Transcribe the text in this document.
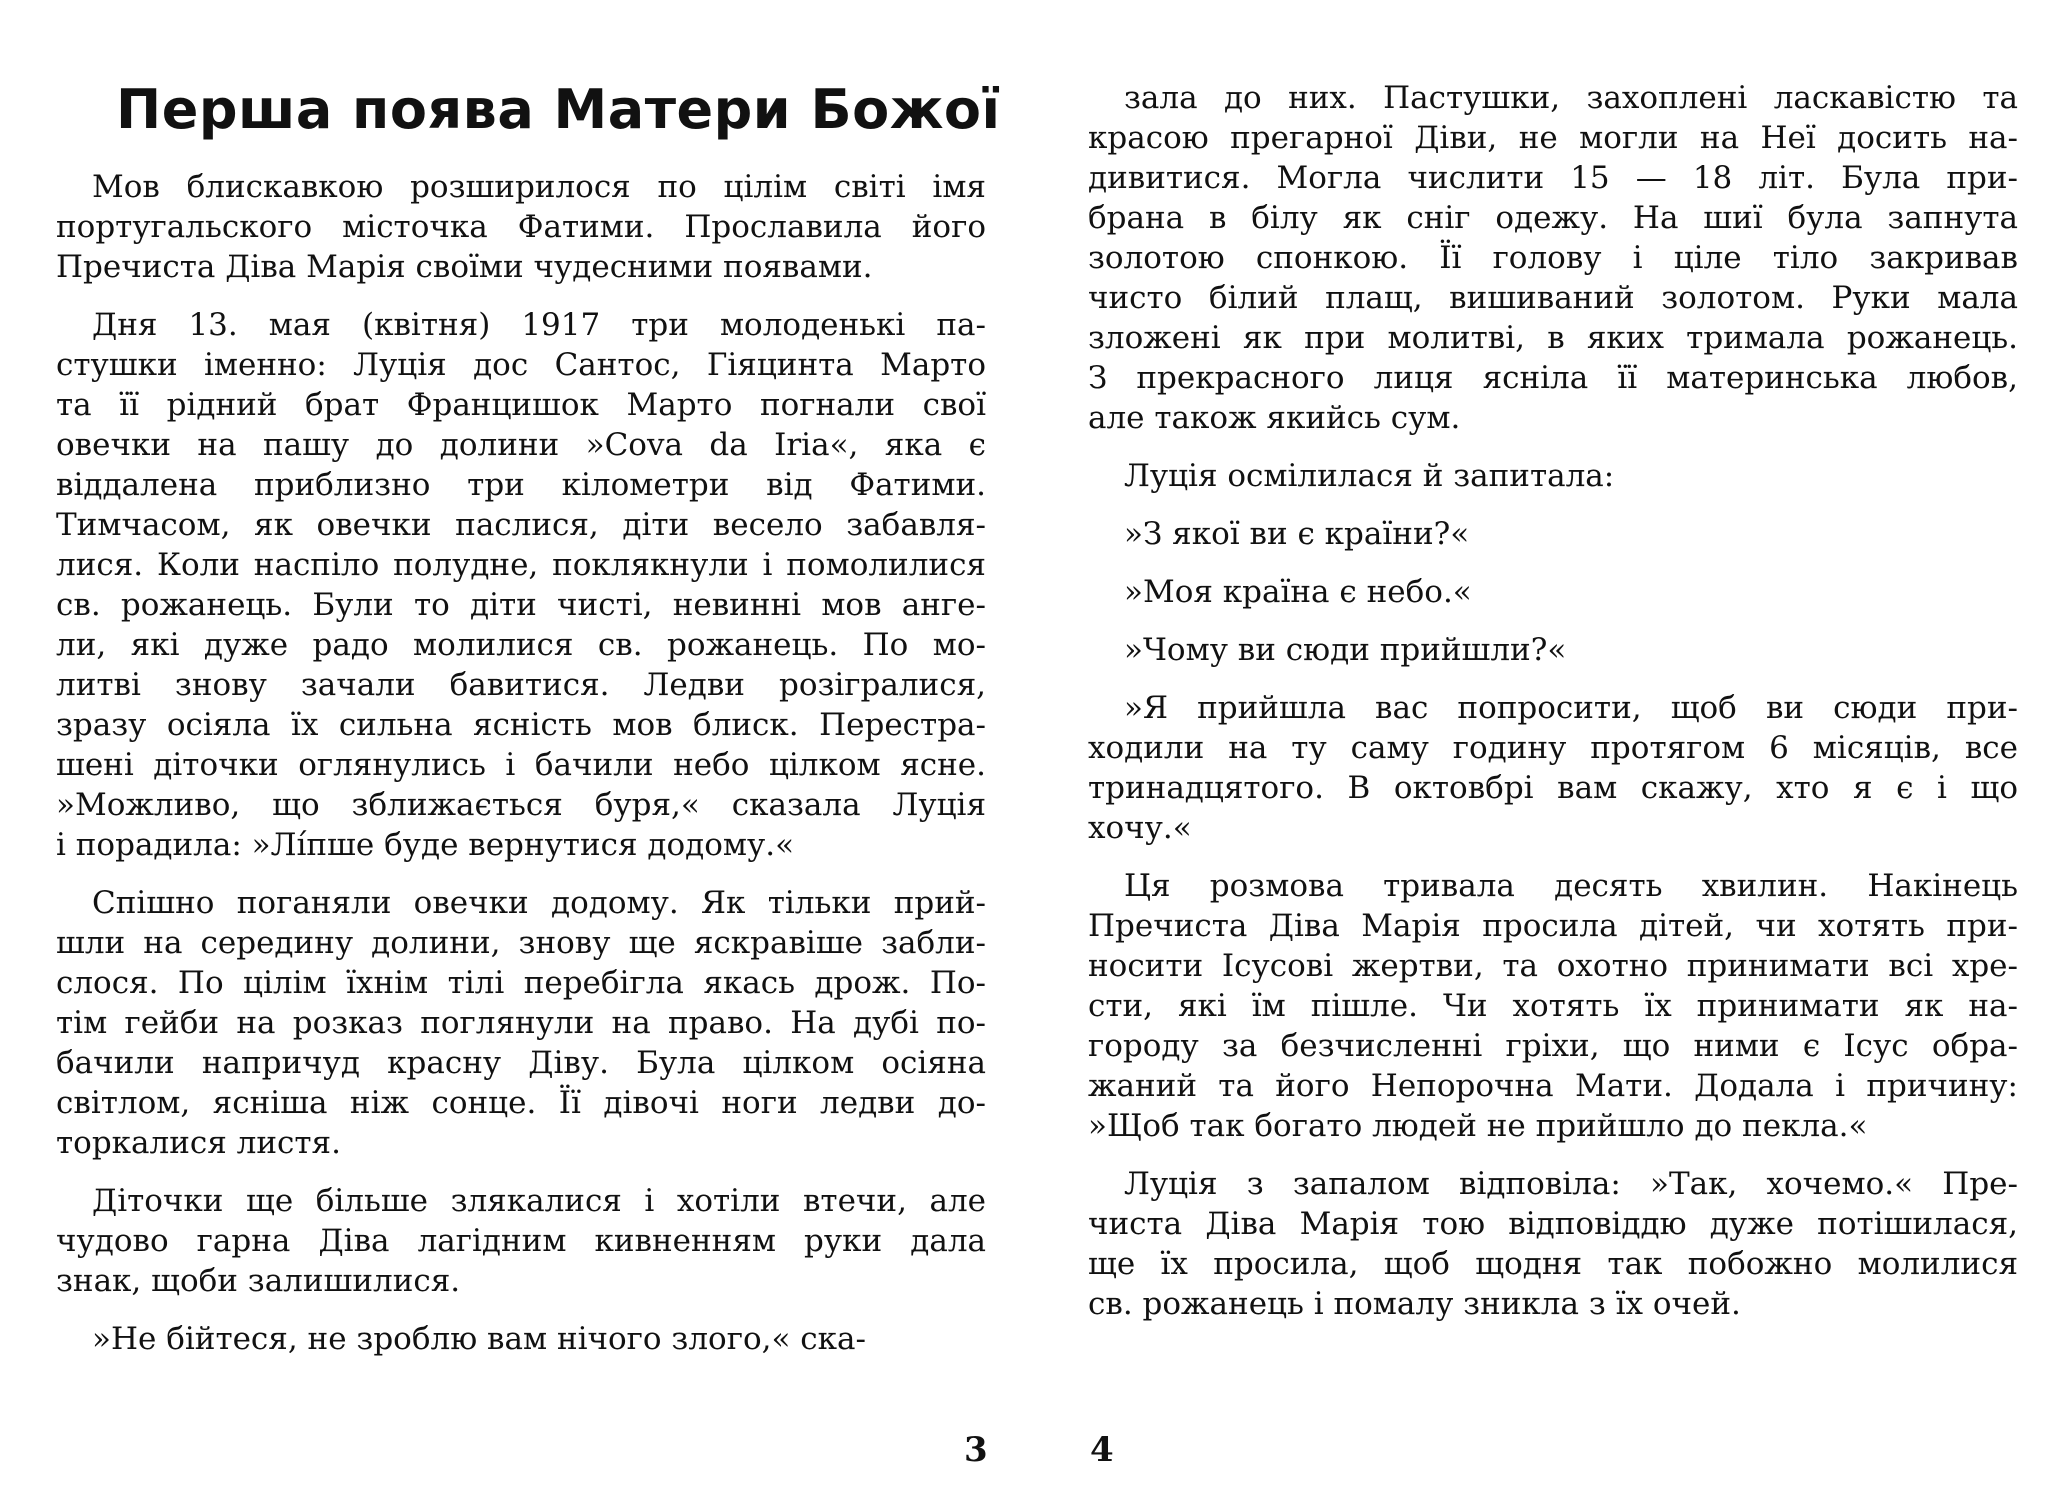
Перша поява Матери Божої
Мов блискавкою розширилося по цілім світі імя
португальского місточка Фатими. Прославила його
Пречиста Діва Марія своїми чудесними появами.
Дня 13. мая (квітня) 1917 три молоденькі па-
стушки іменно: Луція дос Сантос, Гіяцинта Марто
та її рідний брат Францишок Марто погнали свої
овечки на пашу до долини »Cova da Iria«, яка є
віддалена приблизно три кілометри від Фатими.
Тимчасом, як овечки паслися, діти весело забавля-
лися. Коли наспіло полудне, поклякнули і помолилися
св. рожанець. Були то діти чисті, невинні мов анге-
ли, які дуже радо молилися св. рожанець. По мо-
литві знову зачали бавитися. Ледви розігралися,
зразу осіяла їх сильна ясність мов блиск. Перестра-
шені діточки оглянулись і бачили небо цілком ясне.
»Можливо, що зближається буря,« сказала Луція
і порадила: »Лíпше буде вернутися додому.«
Спішно поганяли овечки додому. Як тільки прий-
шли на середину долини, знову ще яскравіше забли-
слося. По цілім їхнім тілі перебігла якась дрож. По-
тім гейби на розказ поглянули на право. На дубі по-
бачили напричуд красну Діву. Була цілком осіяна
світлом, ясніша ніж сонце. Її дівочі ноги ледви до-
торкалися листя.
Діточки ще більше злякалися і хотіли втечи, але
чудово гарна Діва лагідним кивненням руки дала
знак, щоби залишилися.
»Не бійтеся, не зроблю вам нічого злого,« ска-
зала до них. Пастушки, захоплені ласкавістю та
красою прегарної Діви, не могли на Неї досить на-
дивитися. Могла числити 15 — 18 літ. Була при-
брана в білу як сніг одежу. На шиї була запнута
золотою спонкою. Її голову і ціле тіло закривав
чисто білий плащ, вишиваний золотом. Руки мала
зложені як при молитві, в яких тримала рожанець.
З прекрасного лиця ясніла її материнська любов,
але також якийсь сум.
Луція осмілилася й запитала:
»З якої ви є країни?«
»Моя країна є небо.«
»Чому ви сюди прийшли?«
»Я прийшла вас попросити, щоб ви сюди при-
ходили на ту саму годину протягом 6 місяців, все
тринадцятого. В октовбрі вам скажу, хто я є і що
хочу.«
Ця розмова тривала десять хвилин. Накінець
Пречиста Діва Марія просила дітей, чи хотять при-
носити Ісусові жертви, та охотно принимати всі хре-
сти, які їм пішле. Чи хотять їх принимати як на-
городу за безчисленні гріхи, що ними є Ісус обра-
жаний та його Непорочна Мати. Додала і причину:
»Щоб так богато людей не прийшло до пекла.«
Луція з запалом відповіла: »Так, хочемо.« Пре-
чиста Діва Марія тою відповіддю дуже потішилася,
ще їх просила, щоб щодня так побожно молилися
св. рожанець і помалу зникла з їх очей.
3	4
